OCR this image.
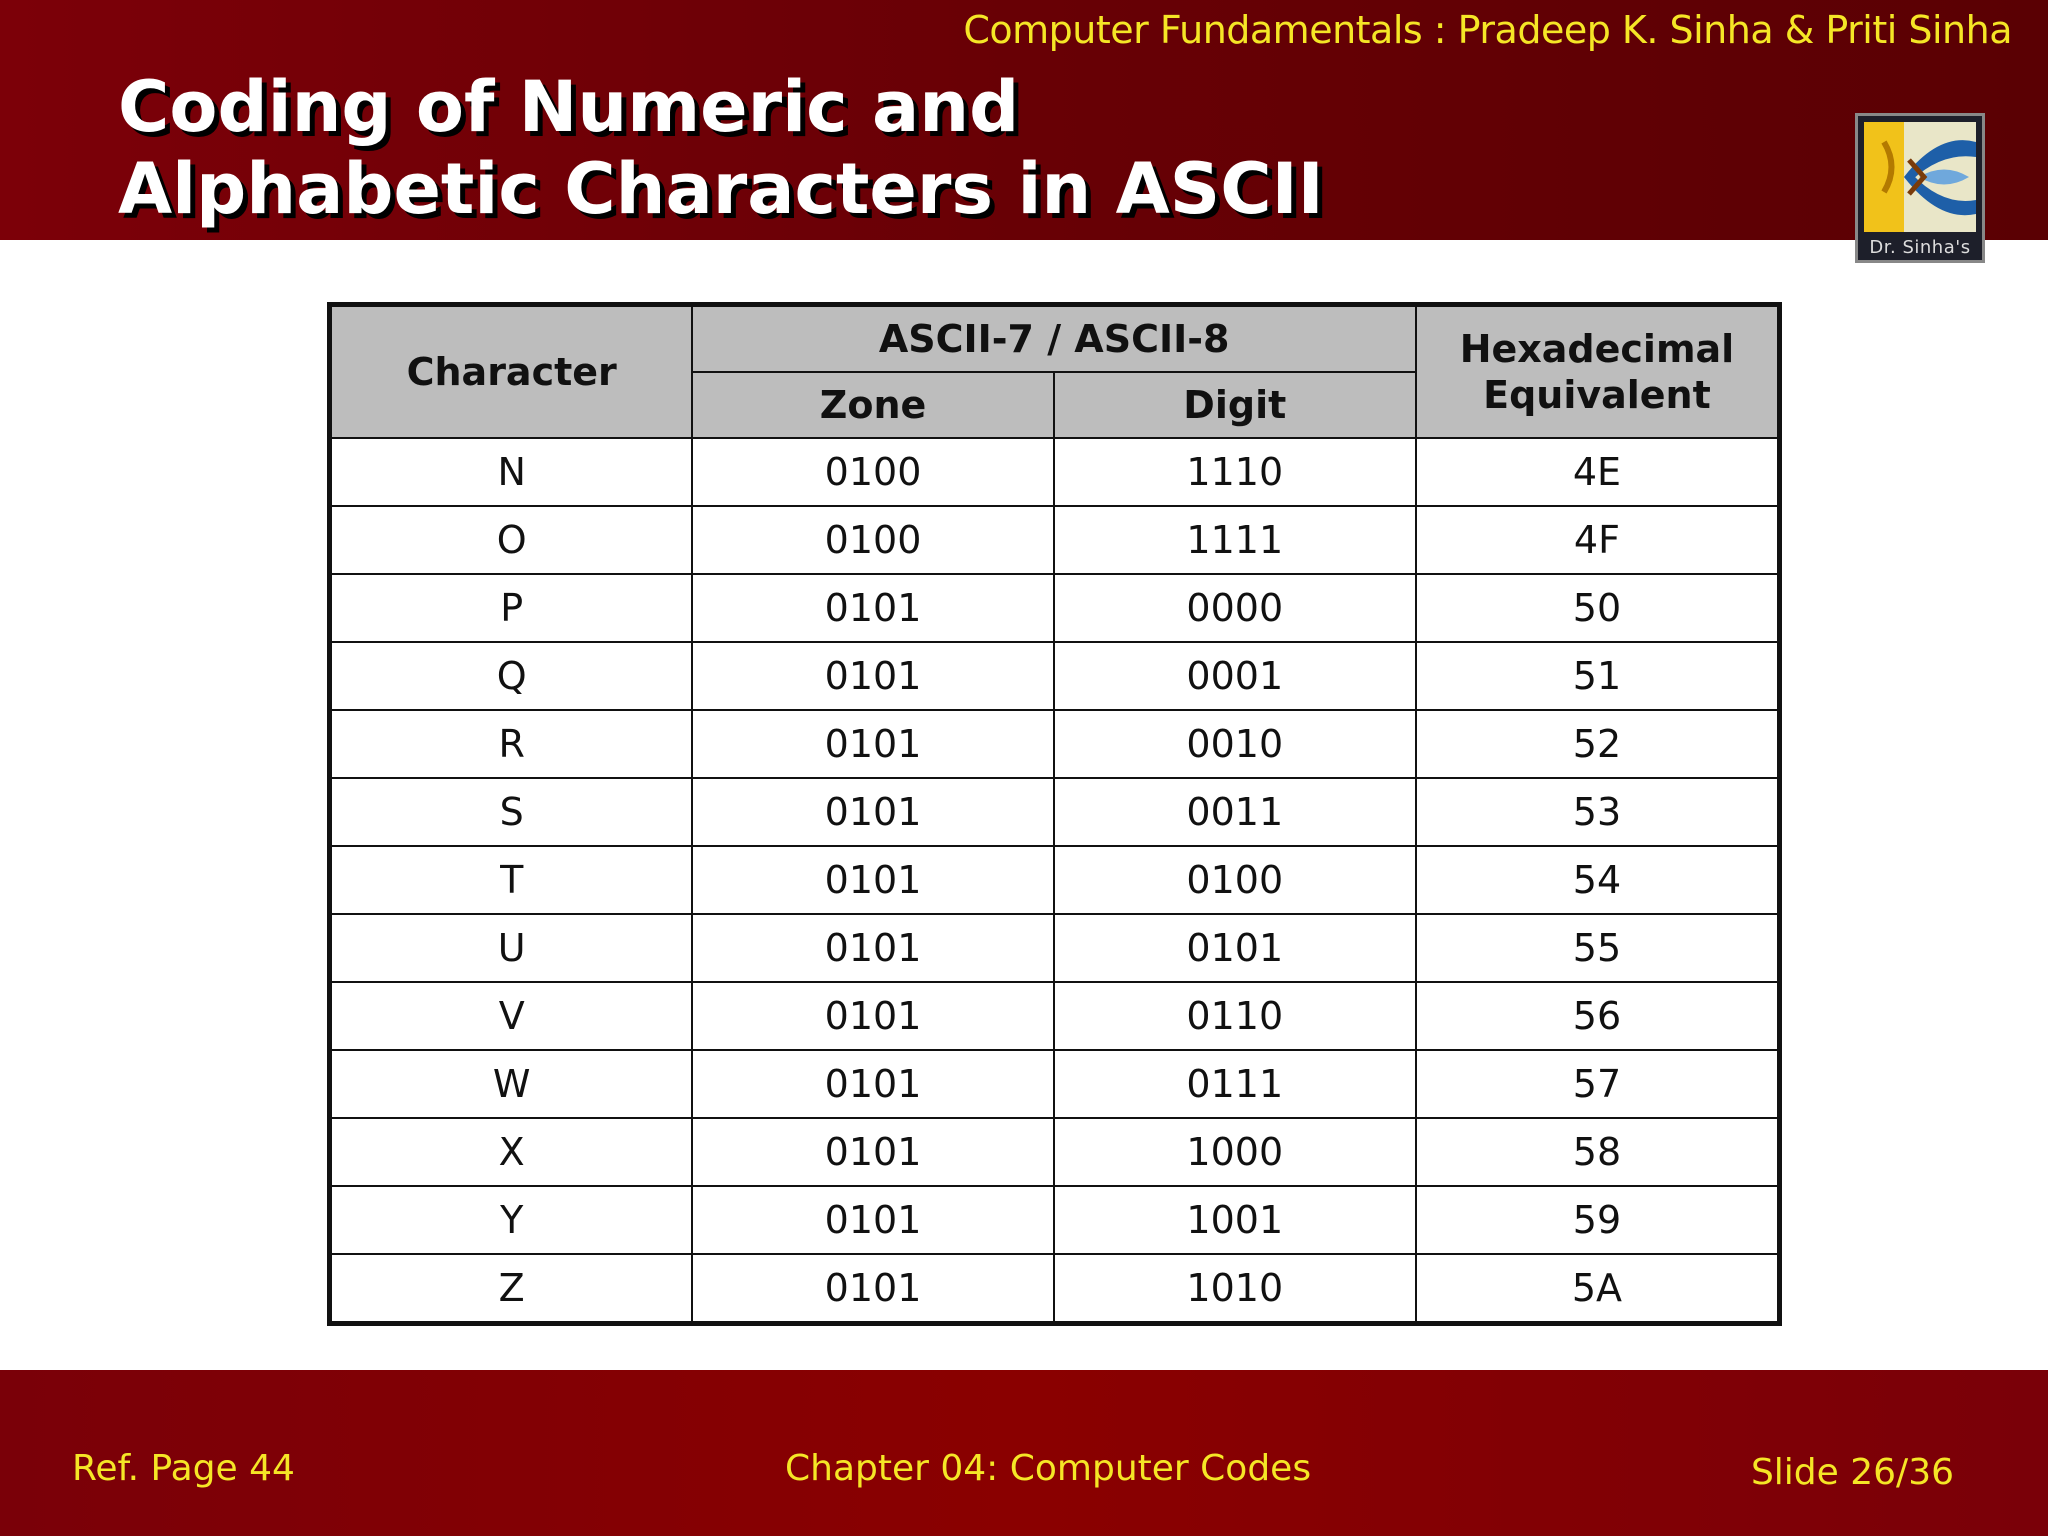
Computer Fundamentals : Pradeep K. Sinha & Priti Sinha
Coding of Numeric and
Alphabetic Characters in ASCII
Dr. Sinha's
Character	ASCII-7 / ASCII-8		Hexadecimal
Equivalent
	Zone	Digit	
N	0100	1110	4E
O	0100	1111	4F
P	0101	0000	50
Q	0101	0001	51
R	0101	0010	52
S	0101	0011	53
T	0101	0100	54
U	0101	0101	55
V	0101	0110	56
W	0101	0111	57
X	0101	1000	58
Y	0101	1001	59
Z	0101	1010	5A
Ref. Page 44	Chapter 04: Computer Codes	Slide 26/36
